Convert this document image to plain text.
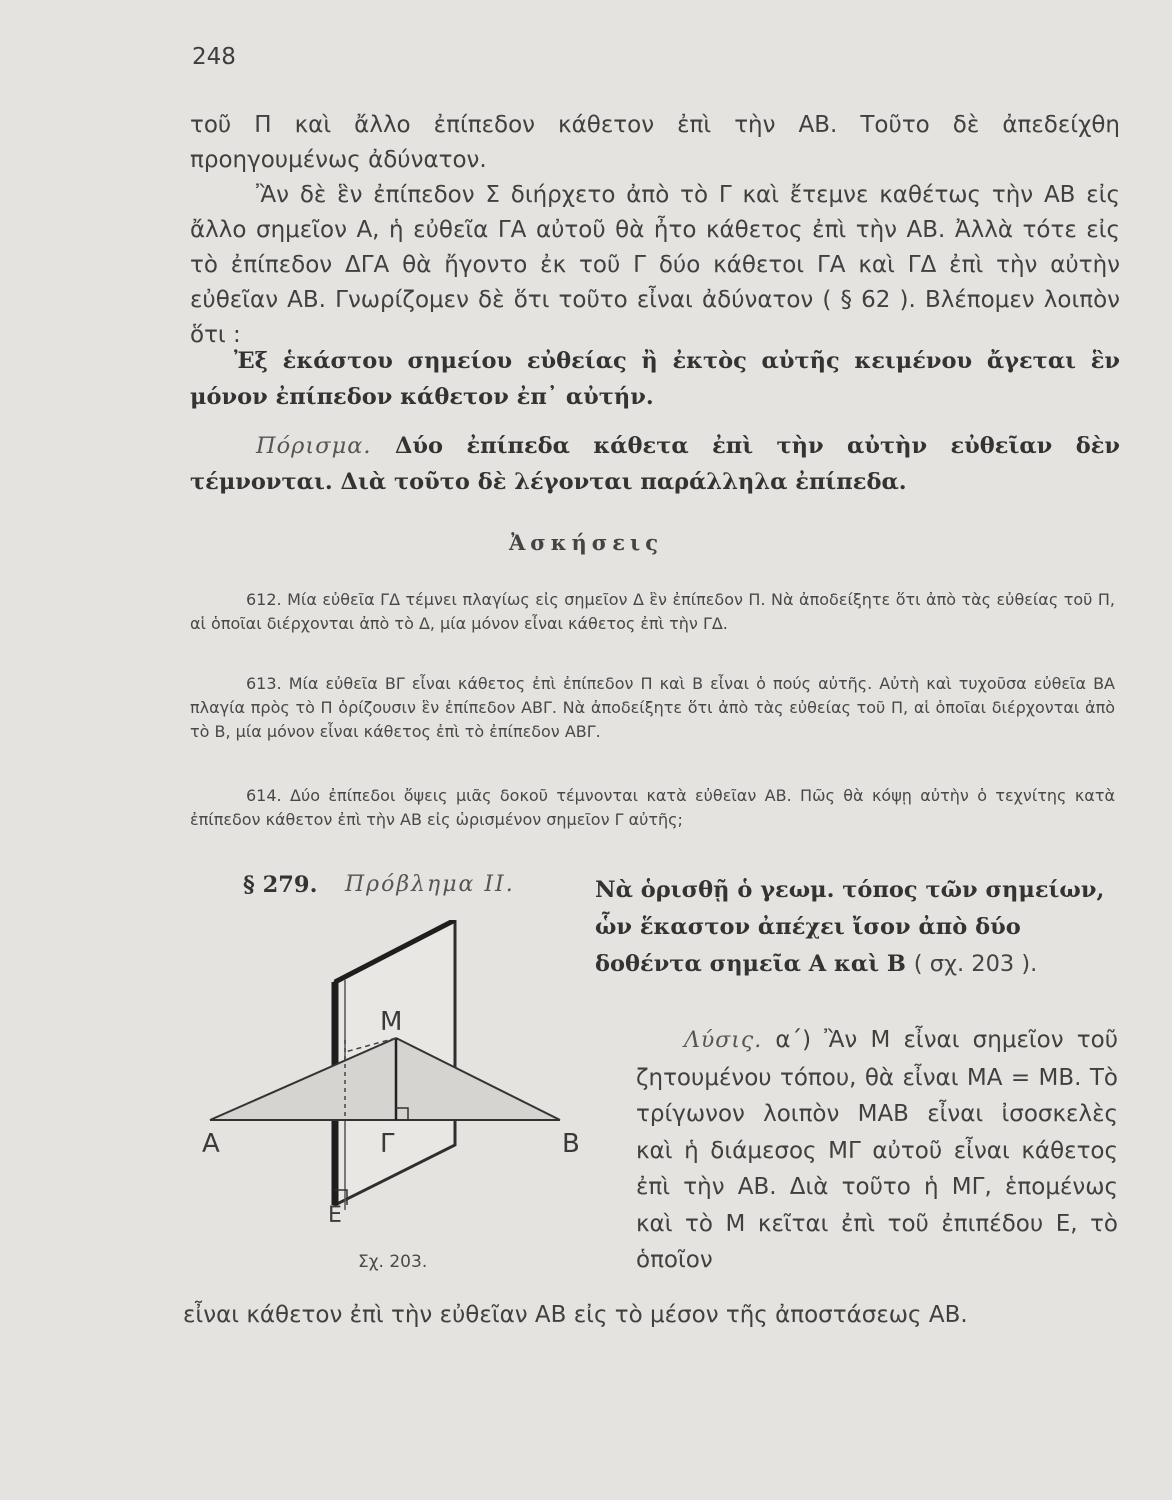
248

τοῦ Π καὶ ἄλλο ἐπίπεδον κάθετον ἐπὶ τὴν ΑΒ. Τοῦτο δὲ ἀπεδείχθη προηγουμένως ἀδύνατον.

Ἂν δὲ ἓν ἐπίπεδον Σ διήρχετο ἀπὸ τὸ Γ καὶ ἔτεμνε καθέτως τὴν ΑΒ εἰς ἄλλο σημεῖον Α, ἡ εὐθεῖα ΓΑ αὐτοῦ θὰ ἦτο κάθετος ἐπὶ τὴν ΑΒ. Ἀλλὰ τότε εἰς τὸ ἐπίπεδον ΔΓΑ θὰ ἤγοντο ἐκ τοῦ Γ δύο κάθετοι ΓΑ καὶ ΓΔ ἐπὶ τὴν αὐτὴν εὐθεῖαν ΑΒ. Γνωρίζομεν δὲ ὅτι τοῦτο εἶναι ἀδύνατον ( § 62 ). Βλέπομεν λοιπὸν ὅτι :

Ἐξ ἑκάστου σημείου εὐθείας ἢ ἐκτὸς αὐτῆς κειμένου ἄγεται ἓν μόνον ἐπίπεδον κάθετον ἐπ᾽ αὐτήν.

Πόρισμα. Δύο ἐπίπεδα κάθετα ἐπὶ τὴν αὐτὴν εὐθεῖαν δὲν τέμνονται. Διὰ τοῦτο δὲ λέγονται παράλληλα ἐπίπεδα.

Ἀσκήσεις

612. Μία εὐθεῖα ΓΔ τέμνει πλαγίως εἰς σημεῖον Δ ἓν ἐπίπεδον Π. Νὰ ἀποδείξητε ὅτι ἀπὸ τὰς εὐθείας τοῦ Π, αἱ ὁποῖαι διέρχονται ἀπὸ τὸ Δ, μία μόνον εἶναι κάθετος ἐπὶ τὴν ΓΔ.

613. Μία εὐθεῖα ΒΓ εἶναι κάθετος ἐπὶ ἐπίπεδον Π καὶ Β εἶναι ὁ πούς αὐτῆς. Αὐτὴ καὶ τυχοῦσα εὐθεῖα ΒΑ πλαγία πρὸς τὸ Π ὁρίζουσιν ἓν ἐπίπεδον ΑΒΓ. Νὰ ἀποδείξητε ὅτι ἀπὸ τὰς εὐθείας τοῦ Π, αἱ ὁποῖαι διέρχονται ἀπὸ τὸ Β, μία μόνον εἶναι κάθετος ἐπὶ τὸ ἐπίπεδον ΑΒΓ.

614. Δύο ἐπίπεδοι ὄψεις μιᾶς δοκοῦ τέμνονται κατὰ εὐθεῖαν ΑΒ. Πῶς θὰ κόψῃ αὐτὴν ὁ τεχνίτης κατὰ ἐπίπεδον κάθετον ἐπὶ τὴν ΑΒ εἰς ὡρισμένον σημεῖον Γ αὐτῆς;

§ 279. Πρόβλημα ΙΙ.	Νὰ ὁρισθῇ ὁ γεωμ. τόπος τῶν σημείων, ὧν ἕκαστον ἀπέχει ἴσον ἀπὸ δύο δοθέντα σημεῖα Α καὶ Β ( σχ. 203 ).

Λύσις. α΄) Ἂν Μ εἶναι σημεῖον τοῦ ζητουμένου τόπου, θὰ εἶναι ΜΑ = ΜΒ. Τὸ τρίγωνον λοιπὸν ΜΑΒ εἶναι ἰσοσκελὲς καὶ ἡ διάμεσος ΜΓ αὐτοῦ εἶναι κάθετος ἐπὶ τὴν ΑΒ. Διὰ τοῦτο ἡ ΜΓ, ἑπομένως καὶ τὸ Μ κεῖται ἐπὶ τοῦ ἐπιπέδου Ε, τὸ ὁποῖον

εἶναι κάθετον ἐπὶ τὴν εὐθεῖαν ΑΒ εἰς τὸ μέσον τῆς ἀποστάσεως ΑΒ.

Μ
Α	Β
Γ
Ε
Σχ. 203.
